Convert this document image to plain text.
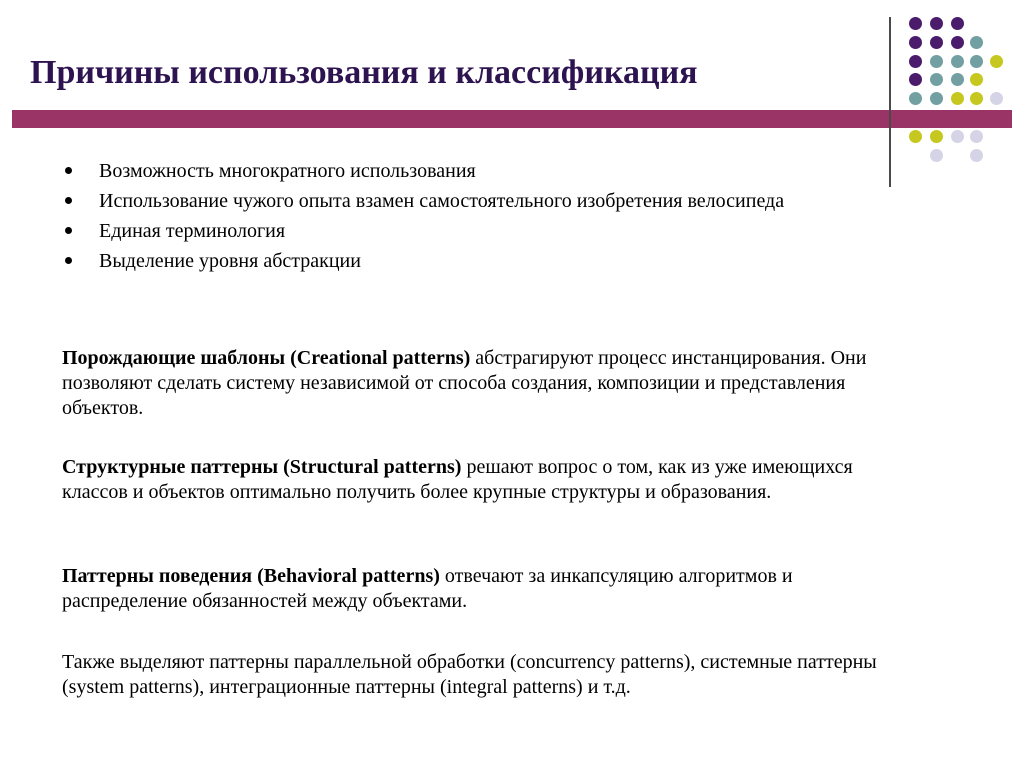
Причины использования и классификация
Возможность многократного использования
Использование чужого опыта взамен самостоятельного изобретения велосипеда
Единая терминология
Выделение уровня абстракции

Порождающие шаблоны (Creational patterns) абстрагируют процесс инстанцирования. Они позволяют сделать систему независимой от способа создания, композиции и представления объектов.

Структурные паттерны (Structural patterns) решают вопрос о том, как из уже имеющихся классов и объектов оптимально получить более крупные структуры и образования.

Паттерны поведения (Behavioral patterns) отвечают за инкапсуляцию алгоритмов и распределение обязанностей между объектами.

Также выделяют паттерны параллельной обработки (concurrency patterns), системные паттерны (system patterns), интеграционные паттерны (integral patterns) и т.д.
